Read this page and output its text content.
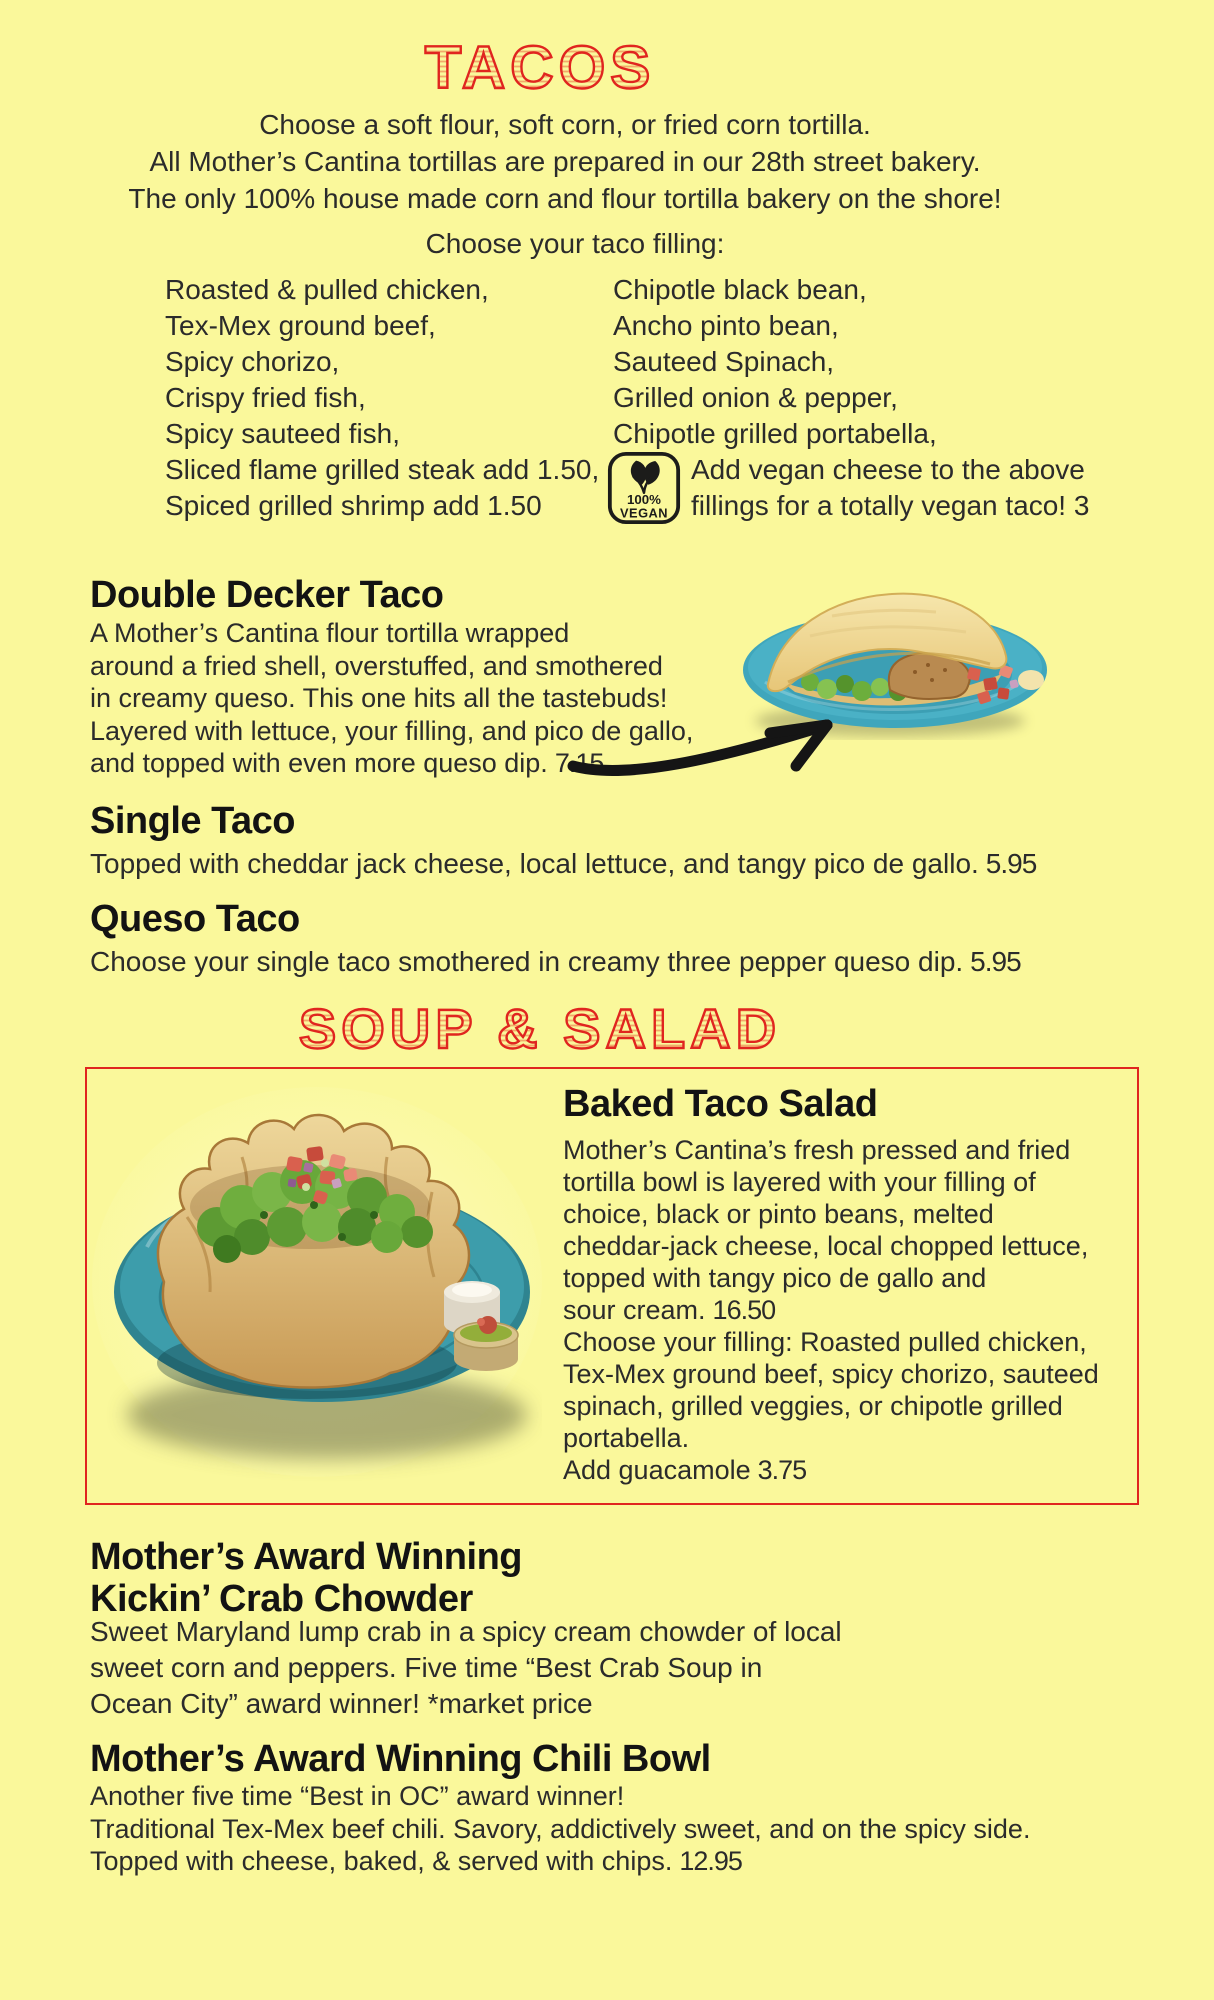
TACOS
Choose a soft flour, soft corn, or fried corn tortilla.
All Mother’s Cantina tortillas are prepared in our 28th street bakery.
The only 100% house made corn and flour tortilla bakery on the shore!
Choose your taco filling:
Roasted & pulled chicken,
Tex-Mex ground beef,
Spicy chorizo,
Crispy fried fish,
Spicy sauteed fish,
Sliced flame grilled steak add 1.50,
Spiced grilled shrimp add 1.50
Chipotle black bean,
Ancho pinto bean,
Sauteed Spinach,
Grilled onion & pepper,
Chipotle grilled portabella,
100%
VEGAN
Add vegan cheese to the above
fillings for a totally vegan taco! 3
Double Decker Taco
A Mother’s Cantina flour tortilla wrapped
around a fried shell, overstuffed, and smothered
in creamy queso. This one hits all the tastebuds!
Layered with lettuce, your filling, and pico de gallo,
and topped with even more queso dip. 7.15
Single Taco
Topped with cheddar jack cheese, local lettuce, and tangy pico de gallo. 5.95
Queso Taco
Choose your single taco smothered in creamy three pepper queso dip. 5.95
SOUP & SALAD
Baked Taco Salad
Mother’s Cantina’s fresh pressed and fried
tortilla bowl is layered with your filling of
choice, black or pinto beans, melted
cheddar-jack cheese, local chopped lettuce,
topped with tangy pico de gallo and
sour cream. 16.50
Choose your filling: Roasted pulled chicken,
Tex-Mex ground beef, spicy chorizo, sauteed
spinach, grilled veggies, or chipotle grilled
portabella.
Add guacamole 3.75
Mother’s Award Winning
Kickin’ Crab Chowder
Sweet Maryland lump crab in a spicy cream chowder of local
sweet corn and peppers. Five time “Best Crab Soup in
Ocean City” award winner! *market price
Mother’s Award Winning Chili Bowl
Another five time “Best in OC” award winner!
Traditional Tex-Mex beef chili. Savory, addictively sweet, and on the spicy side.
Topped with cheese, baked, & served with chips. 12.95
